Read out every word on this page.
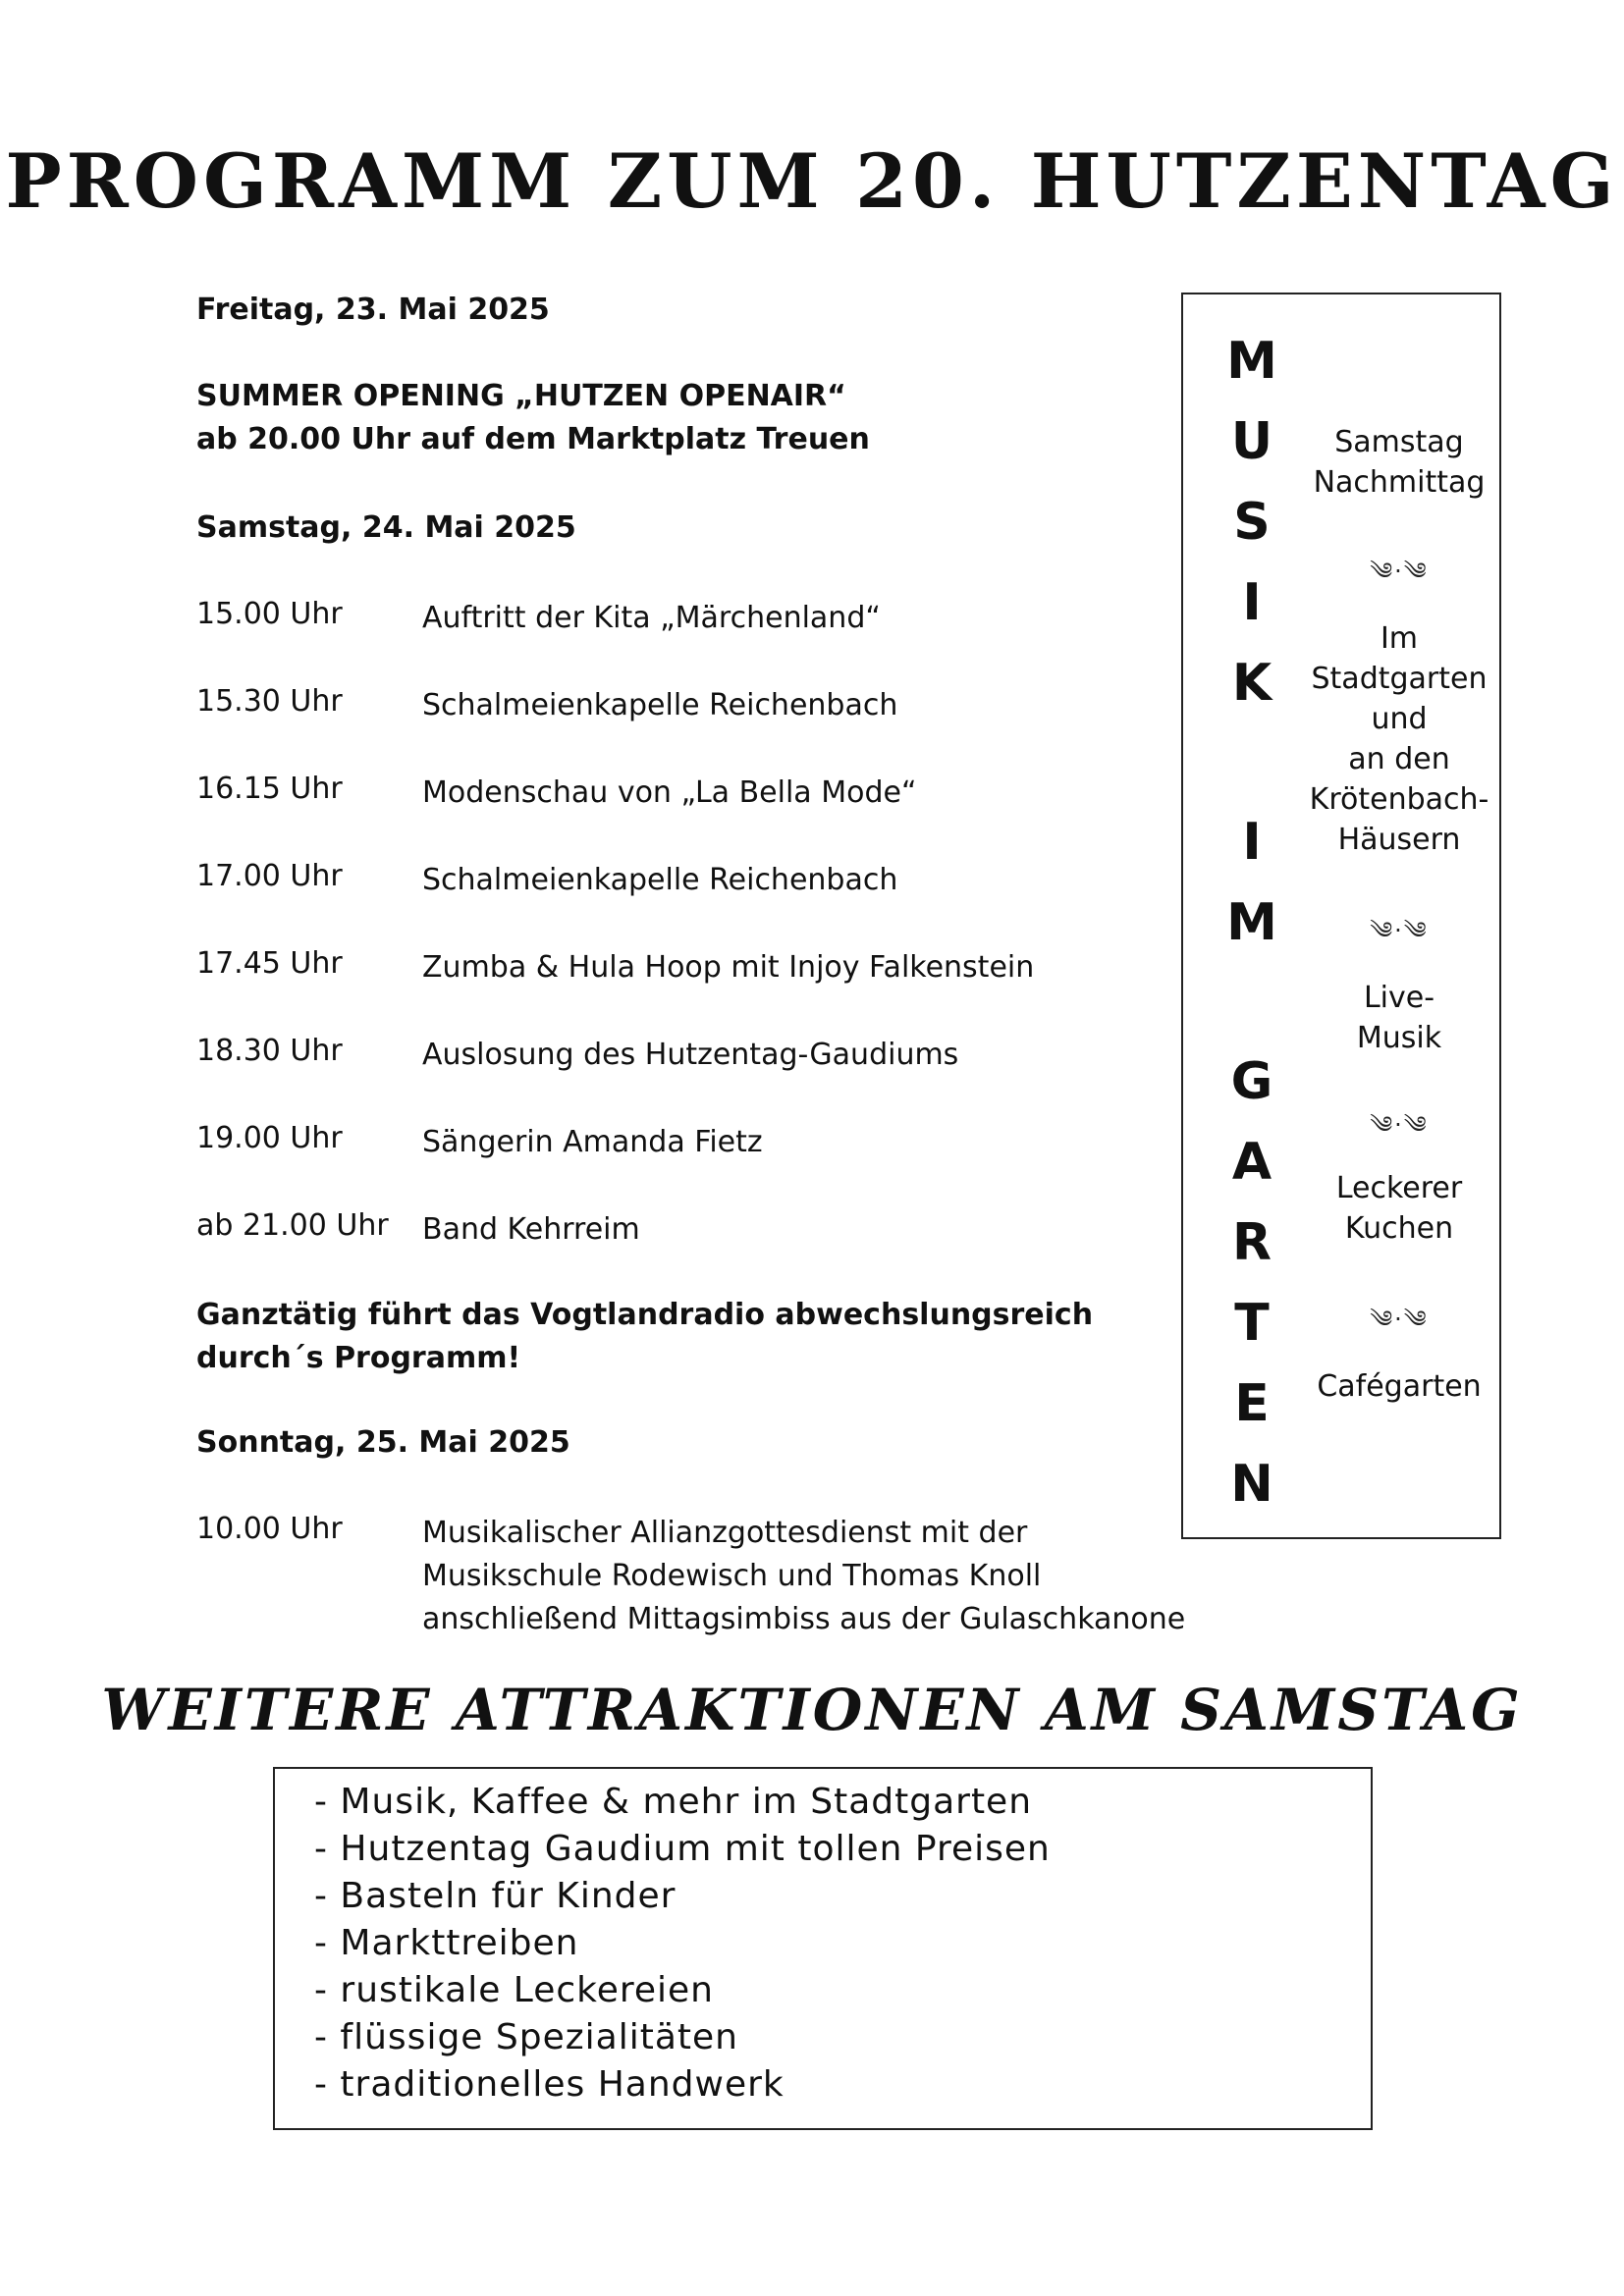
PROGRAMM ZUM 20. HUTZENTAG
Freitag, 23. Mai 2025
SUMMER OPENING „HUTZEN OPENAIR“
ab 20.00 Uhr auf dem Marktplatz Treuen
Samstag, 24. Mai 2025
15.00 Uhr	Auftritt der Kita „Märchenland“
15.30 Uhr	Schalmeienkapelle Reichenbach
16.15 Uhr	Modenschau von „La Bella Mode“
17.00 Uhr	Schalmeienkapelle Reichenbach
17.45 Uhr	Zumba & Hula Hoop mit Injoy Falkenstein
18.30 Uhr	Auslosung des Hutzentag-Gaudiums
19.00 Uhr	Sängerin Amanda Fietz
ab 21.00 Uhr Band Kehrreim
Ganztätig führt das Vogtlandradio abwechslungsreich
durch´s Programm!
Sonntag, 25. Mai 2025
10.00 Uhr	Musikalischer Allianzgottesdienst mit der
Musikschule Rodewisch und Thomas Knoll
anschließend Mittagsimbiss aus der Gulaschkanone
M
U
S
I
K
I
M
G
A
R
T
E
N
Samstag
Nachmittag
༄·༄
Im
Stadtgarten
und
an den
Krötenbach-
Häusern
༄·༄
Live-
Musik
༄·༄
Leckerer
Kuchen
༄·༄
Cafégarten
WEITERE ATTRAKTIONEN AM SAMSTAG
- Musik, Kaffee & mehr im Stadtgarten
- Hutzentag Gaudium mit tollen Preisen
- Basteln für Kinder
- Markttreiben
- rustikale Leckereien
- flüssige Spezialitäten
- traditionelles Handwerk
